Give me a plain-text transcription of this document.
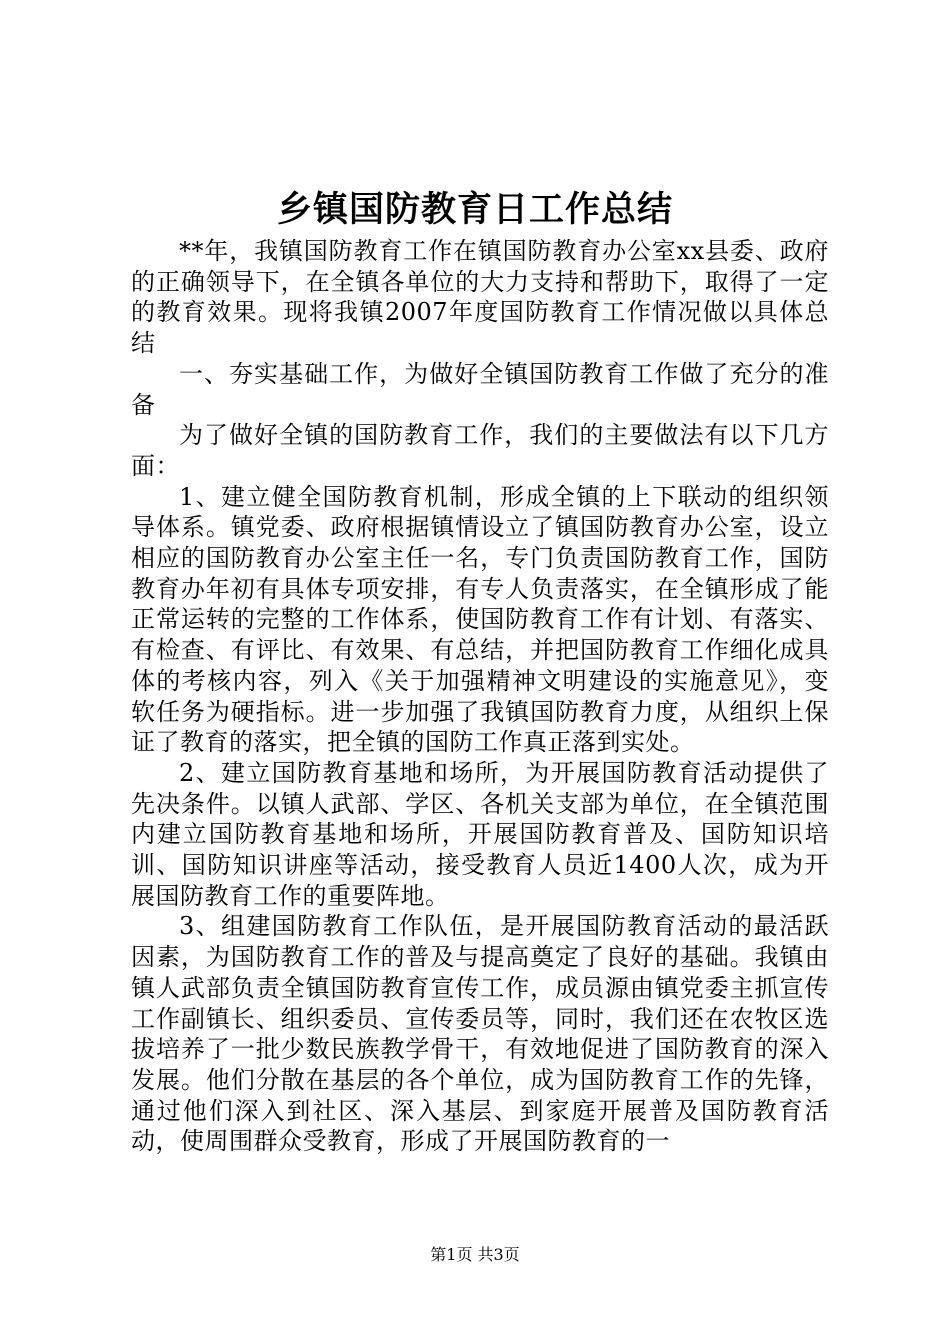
乡镇国防教育日工作总结

**年，我镇国防教育工作在镇国防教育办公室xx县委、政府的正确领导下，在全镇各单位的大力支持和帮助下，取得了一定的教育效果。现将我镇2007年度国防教育工作情况做以具体总结

一、夯实基础工作，为做好全镇国防教育工作做了充分的准备

为了做好全镇的国防教育工作，我们的主要做法有以下几方面：

1、建立健全国防教育机制，形成全镇的上下联动的组织领导体系。镇党委、政府根据镇情设立了镇国防教育办公室，设立相应的国防教育办公室主任一名，专门负责国防教育工作，国防教育办年初有具体专项安排，有专人负责落实，在全镇形成了能正常运转的完整的工作体系，使国防教育工作有计划、有落实、有检查、有评比、有效果、有总结，并把国防教育工作细化成具体的考核内容，列入《关于加强精神文明建设的实施意见》，变软任务为硬指标。进一步加强了我镇国防教育力度，从组织上保证了教育的落实，把全镇的国防工作真正落到实处。

2、建立国防教育基地和场所，为开展国防教育活动提供了先决条件。以镇人武部、学区、各机关支部为单位，在全镇范围内建立国防教育基地和场所，开展国防教育普及、国防知识培训、国防知识讲座等活动，接受教育人员近1400人次，成为开展国防教育工作的重要阵地。

3、组建国防教育工作队伍，是开展国防教育活动的最活跃因素，为国防教育工作的普及与提高奠定了良好的基础。我镇由镇人武部负责全镇国防教育宣传工作，成员源由镇党委主抓宣传工作副镇长、组织委员、宣传委员等，同时，我们还在农牧区选拔培养了一批少数民族教学骨干，有效地促进了国防教育的深入发展。他们分散在基层的各个单位，成为国防教育工作的先锋，通过他们深入到社区、深入基层、到家庭开展普及国防教育活动，使周围群众受教育，形成了开展国防教育的一

第1页 共3页
